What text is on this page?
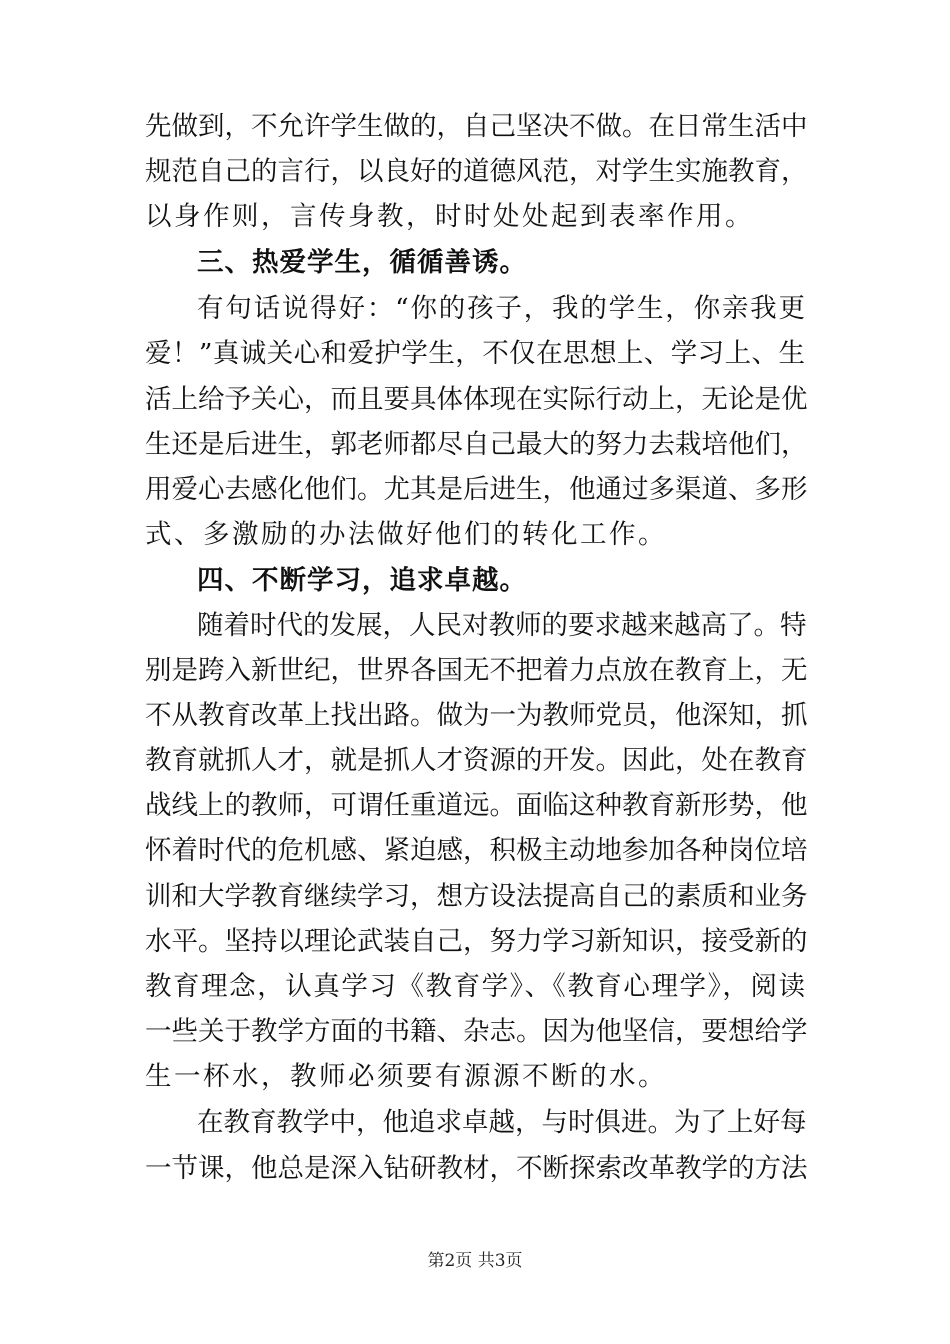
先做到，不允许学生做的，自己坚决不做。在日常生活中
规范自己的言行，以良好的道德风范，对学生实施教育，
以身作则，言传身教，时时处处起到表率作用。
三、热爱学生，循循善诱。
有句话说得好：“你的孩子，我的学生，你亲我更
爱！”真诚关心和爱护学生，不仅在思想上、学习上、生
活上给予关心，而且要具体体现在实际行动上，无论是优
生还是后进生，郭老师都尽自己最大的努力去栽培他们，
用爱心去感化他们。尤其是后进生，他通过多渠道、多形
式、多激励的办法做好他们的转化工作。
四、不断学习，追求卓越。
随着时代的发展，人民对教师的要求越来越高了。特
别是跨入新世纪，世界各国无不把着力点放在教育上，无
不从教育改革上找出路。做为一为教师党员，他深知，抓
教育就抓人才，就是抓人才资源的开发。因此，处在教育
战线上的教师，可谓任重道远。面临这种教育新形势，他
怀着时代的危机感、紧迫感，积极主动地参加各种岗位培
训和大学教育继续学习，想方设法提高自己的素质和业务
水平。坚持以理论武装自己，努力学习新知识，接受新的
教育理念，认真学习《教育学》、《教育心理学》，阅读
一些关于教学方面的书籍、杂志。因为他坚信，要想给学
生一杯水，教师必须要有源源不断的水。
在教育教学中，他追求卓越，与时俱进。为了上好每
一节课，他总是深入钻研教材，不断探索改革教学的方法
第2页 共3页
